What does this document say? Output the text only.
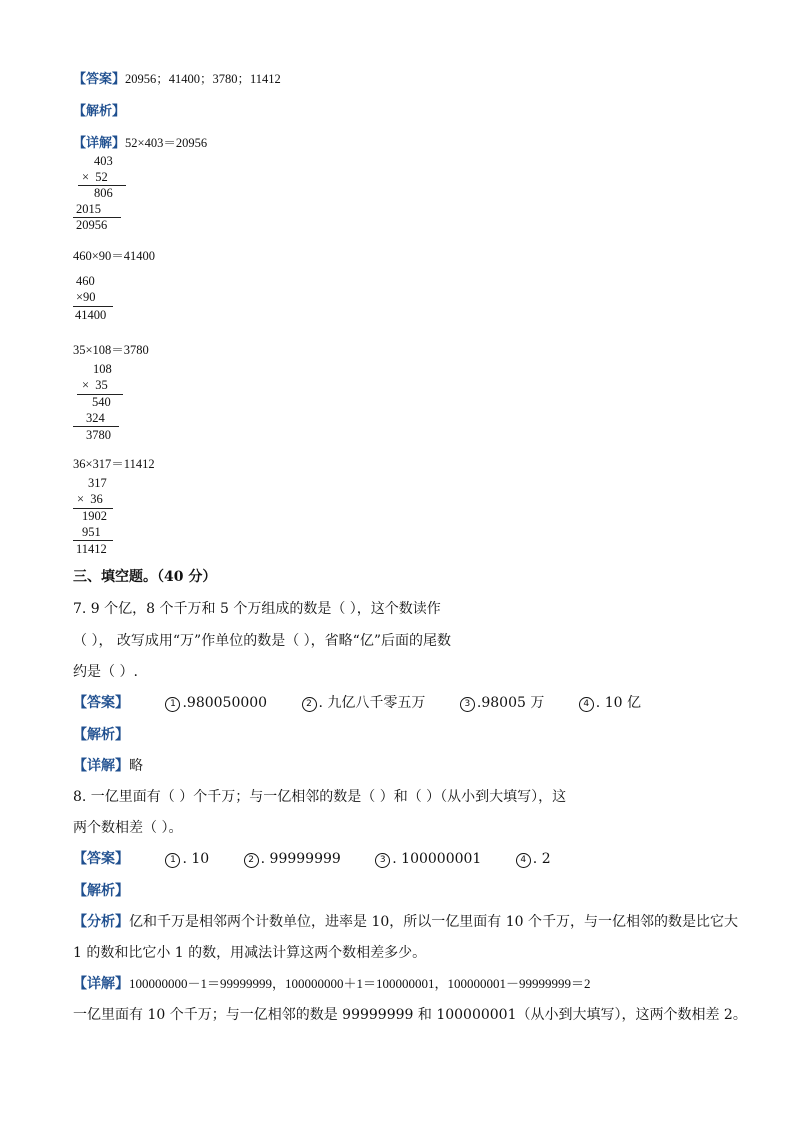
【答案】20956；41400；3780；11412
【解析】
【详解】52×403＝20956
403
×  52
806
2015
20956
460×90＝41400
460
×90
41400
35×108＝3780
108
×  35
540
324
3780
36×317＝11412
317
×  36
1902
951
11412
三、填空题。（40 分）
7. 9 个亿，8 个千万和 5 个万组成的数是（ ），这个数读作
（ ）， 改写成用“万”作单位的数是（ ），省略“亿”后面的尾数
约是（ ）.
【答案】	1 .980050000	2 . 九亿八千零五万	3 .98005 万	4 . 10 亿
【解析】
【详解】略
8. 一亿里面有（ ）个千万；与一亿相邻的数是（ ）和（ ）（从小到大填写），这
两个数相差（ ）。
【答案】	1 . 10	2 . 99999999	3 . 100000001	4 . 2
【解析】
【分析】亿和千万是相邻两个计数单位，进率是 10，所以一亿里面有 10 个千万，与一亿相邻的数是比它大
1 的数和比它小 1 的数，用减法计算这两个数相差多少。
【详解】100000000－1＝99999999，100000000＋1＝100000001，100000001－99999999＝2
一亿里面有 10 个千万；与一亿相邻的数是 99999999 和 100000001（从小到大填写），这两个数相差 2。
